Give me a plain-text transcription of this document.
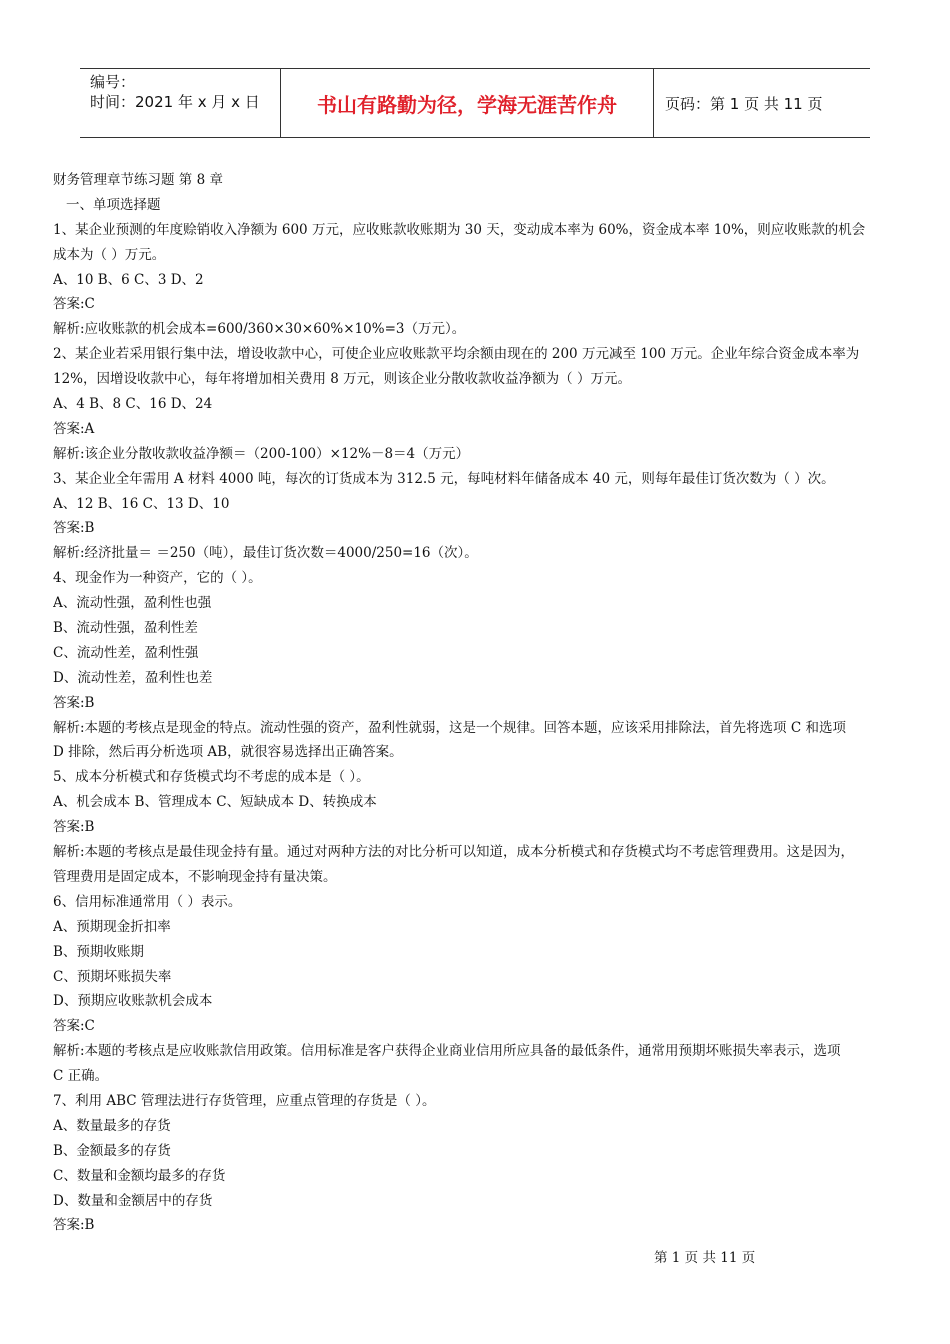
编号：
时间：2021 年 x 月 x 日	书山有路勤为径，学海无涯苦作舟	页码：第 1 页 共 11 页
财务管理章节练习题 第 8 章
一、单项选择题
1、某企业预测的年度赊销收入净额为 600 万元，应收账款收账期为 30 天，变动成本率为 60%，资金成本率 10%，则应收账款的机会
成本为（ ）万元。
A、10 B、6 C、3 D、2
答案:C
解析:应收账款的机会成本=600/360×30×60%×10%=3（万元）。
2、某企业若采用银行集中法，增设收款中心，可使企业应收账款平均余额由现在的 200 万元减至 100 万元。企业年综合资金成本率为
12%，因增设收款中心，每年将增加相关费用 8 万元，则该企业分散收款收益净额为（ ）万元。
A、4 B、8 C、16 D、24
答案:A
解析:该企业分散收款收益净额＝（200-100）×12%－8＝4（万元）
3、某企业全年需用 A 材料 4000 吨，每次的订货成本为 312.5 元，每吨材料年储备成本 40 元，则每年最佳订货次数为（ ）次。
A、12 B、16 C、13 D、10
答案:B
解析:经济批量＝ ＝250（吨），最佳订货次数＝4000/250=16（次）。
4、现金作为一种资产，它的（ ）。
A、流动性强，盈利性也强
B、流动性强，盈利性差
C、流动性差，盈利性强
D、流动性差，盈利性也差
答案:B
解析:本题的考核点是现金的特点。流动性强的资产，盈利性就弱，这是一个规律。回答本题，应该采用排除法，首先将选项 C 和选项
D 排除，然后再分析选项 AB，就很容易选择出正确答案。
5、成本分析模式和存货模式均不考虑的成本是（ ）。
A、机会成本 B、管理成本 C、短缺成本 D、转换成本
答案:B
解析:本题的考核点是最佳现金持有量。通过对两种方法的对比分析可以知道，成本分析模式和存货模式均不考虑管理费用。这是因为，
管理费用是固定成本，不影响现金持有量决策。
6、信用标准通常用（ ）表示。
A、预期现金折扣率
B、预期收账期
C、预期坏账损失率
D、预期应收账款机会成本
答案:C
解析:本题的考核点是应收账款信用政策。信用标准是客户获得企业商业信用所应具备的最低条件，通常用预期坏账损失率表示，选项
C 正确。
7、利用 ABC 管理法进行存货管理，应重点管理的存货是（ ）。
A、数量最多的存货
B、金额最多的存货
C、数量和金额均最多的存货
D、数量和金额居中的存货
答案:B
第 1 页 共 11 页
